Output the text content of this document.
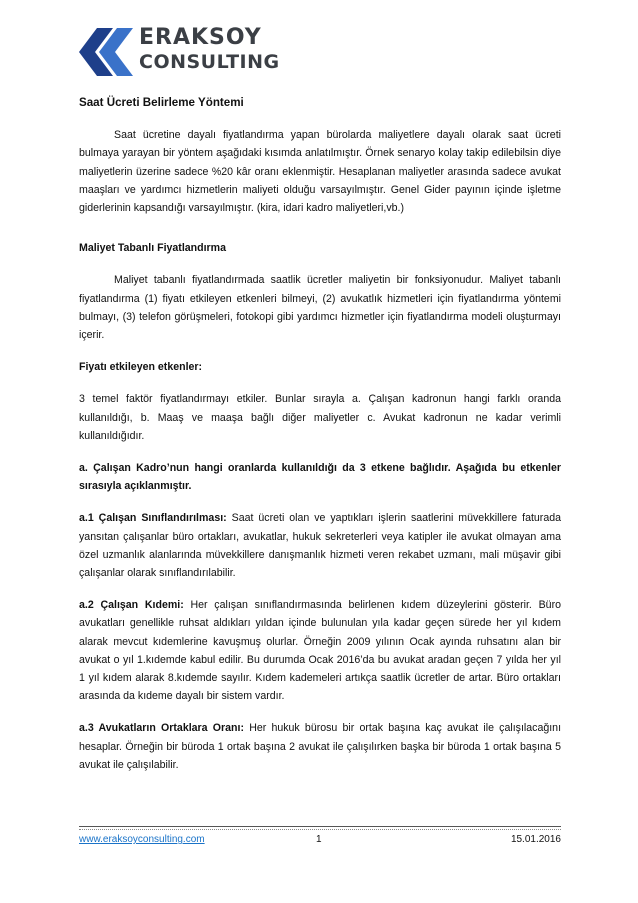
ERAKSOY
CONSULTING

Saat Ücreti Belirleme Yöntemi

Saat ücretine dayalı fiyatlandırma yapan bürolarda maliyetlere dayalı olarak saat ücreti bulmaya yarayan bir yöntem aşağıdaki kısımda anlatılmıştır. Örnek senaryo kolay takip edilebilsin diye maliyetlerin üzerine sadece %20 kâr oranı eklenmiştir. Hesaplanan maliyetler arasında sadece avukat maaşları ve yardımcı hizmetlerin maliyeti olduğu varsayılmıştır. Genel Gider payının içinde işletme giderlerinin kapsandığı varsayılmıştır. (kira, idari kadro maliyetleri,vb.)

Maliyet Tabanlı Fiyatlandırma

Maliyet tabanlı fiyatlandırmada saatlik ücretler maliyetin bir fonksiyonudur. Maliyet tabanlı fiyatlandırma (1) fiyatı etkileyen etkenleri bilmeyi, (2) avukatlık hizmetleri için fiyatlandırma yöntemi bulmayı, (3) telefon görüşmeleri, fotokopi gibi yardımcı hizmetler için fiyatlandırma modeli oluşturmayı içerir.

Fiyatı etkileyen etkenler:

3 temel faktör fiyatlandırmayı etkiler. Bunlar sırayla a. Çalışan kadronun hangi farklı oranda kullanıldığı, b. Maaş ve maaşa bağlı diğer maliyetler c. Avukat kadronun ne kadar verimli kullanıldığıdır.

a. Çalışan Kadro’nun hangi oranlarda kullanıldığı da 3 etkene bağlıdır. Aşağıda bu etkenler sırasıyla açıklanmıştır.

a.1 Çalışan Sınıflandırılması: Saat ücreti olan ve yaptıkları işlerin saatlerini müvekkillere faturada yansıtan çalışanlar büro ortakları, avukatlar, hukuk sekreterleri veya katipler ile avukat olmayan ama özel uzmanlık alanlarında müvekkillere danışmanlık hizmeti veren rekabet uzmanı, mali müşavir gibi çalışanlar olarak sınıflandırılabilir.

a.2 Çalışan Kıdemi: Her çalışan sınıflandırmasında belirlenen kıdem düzeylerini gösterir. Büro avukatları genellikle ruhsat aldıkları yıldan içinde bulunulan yıla kadar geçen sürede her yıl kıdem alarak mevcut kıdemlerine kavuşmuş olurlar. Örneğin 2009 yılının Ocak ayında ruhsatını alan bir avukat o yıl 1.kıdemde kabul edilir. Bu durumda Ocak 2016’da bu avukat aradan geçen 7 yılda her yıl 1 yıl kıdem alarak 8.kıdemde sayılır. Kıdem kademeleri artıkça saatlik ücretler de artar. Büro ortakları arasında da kıdeme dayalı bir sistem vardır.

a.3 Avukatların Ortaklara Oranı: Her hukuk bürosu bir ortak başına kaç avukat ile çalışılacağını hesaplar. Örneğin bir büroda 1 ortak başına 2 avukat ile çalışılırken başka bir büroda 1 ortak başına 5 avukat ile çalışılabilir.

www.eraksoyconsulting.com	1	15.01.2016
